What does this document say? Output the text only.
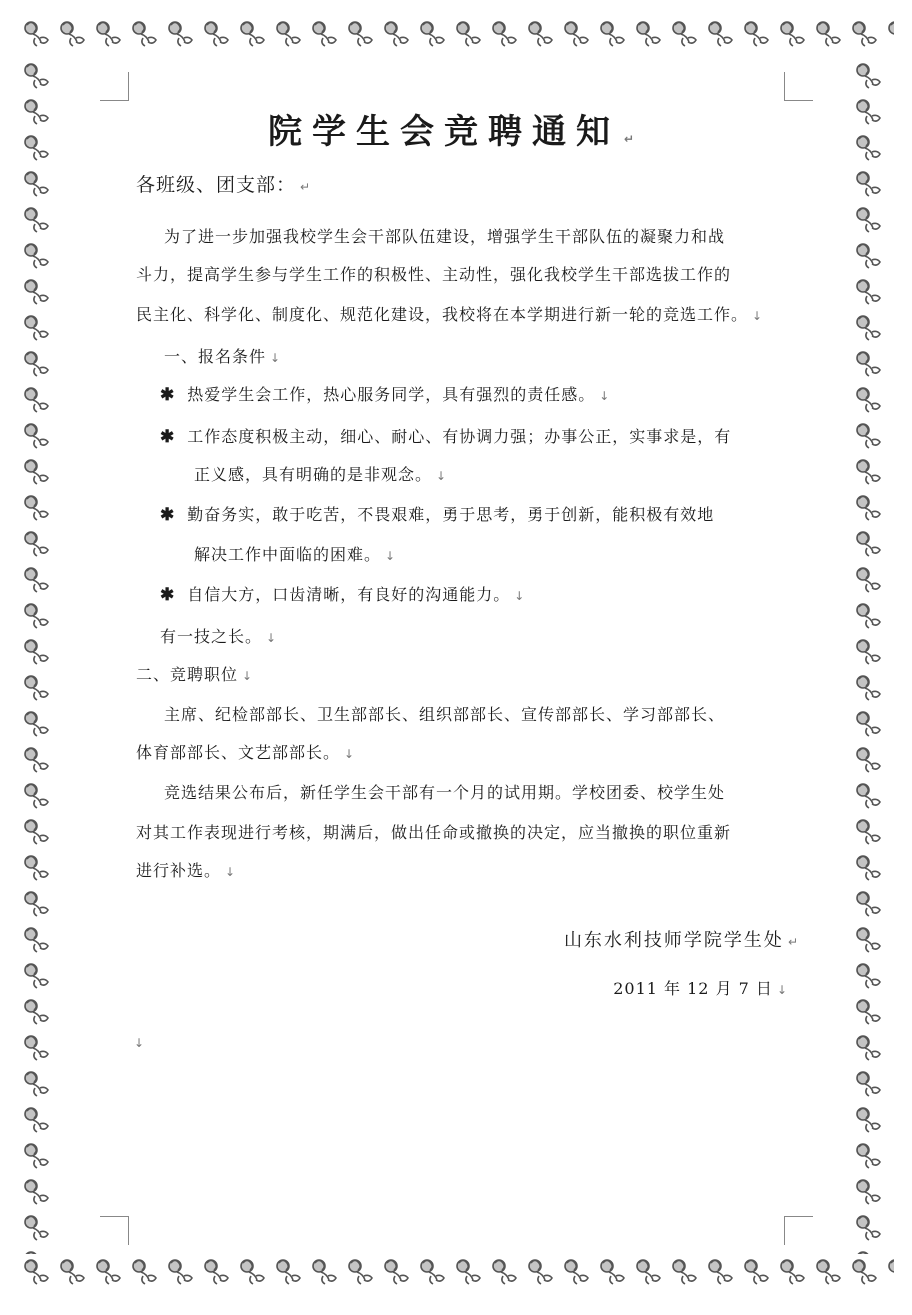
院学生会竞聘通知 ↵
各班级、团支部： ↵
为了进一步加强我校学生会干部队伍建设，增强学生干部队伍的凝聚力和战
斗力，提高学生参与学生工作的积极性、主动性，强化我校学生干部选拔工作的
民主化、科学化、制度化、规范化建设，我校将在本学期进行新一轮的竞选工作。 ↓
一、报名条件 ↓
✱ 热爱学生会工作，热心服务同学，具有强烈的责任感。 ↓
✱ 工作态度积极主动，细心、耐心、有协调力强；办事公正，实事求是，有
正义感，具有明确的是非观念。 ↓
✱ 勤奋务实，敢于吃苦，不畏艰难，勇于思考，勇于创新，能积极有效地
解决工作中面临的困难。 ↓
✱ 自信大方，口齿清晰，有良好的沟通能力。 ↓
有一技之长。 ↓
二、竞聘职位 ↓
主席、纪检部部长、卫生部部长、组织部部长、宣传部部长、学习部部长、
体育部部长、文艺部部长。 ↓
竞选结果公布后，新任学生会干部有一个月的试用期。学校团委、校学生处
对其工作表现进行考核，期满后，做出任命或撤换的决定，应当撤换的职位重新
进行补选。 ↓
山东水利技师学院学生处 ↵
2011 年 12 月 7 日 ↓
↓
